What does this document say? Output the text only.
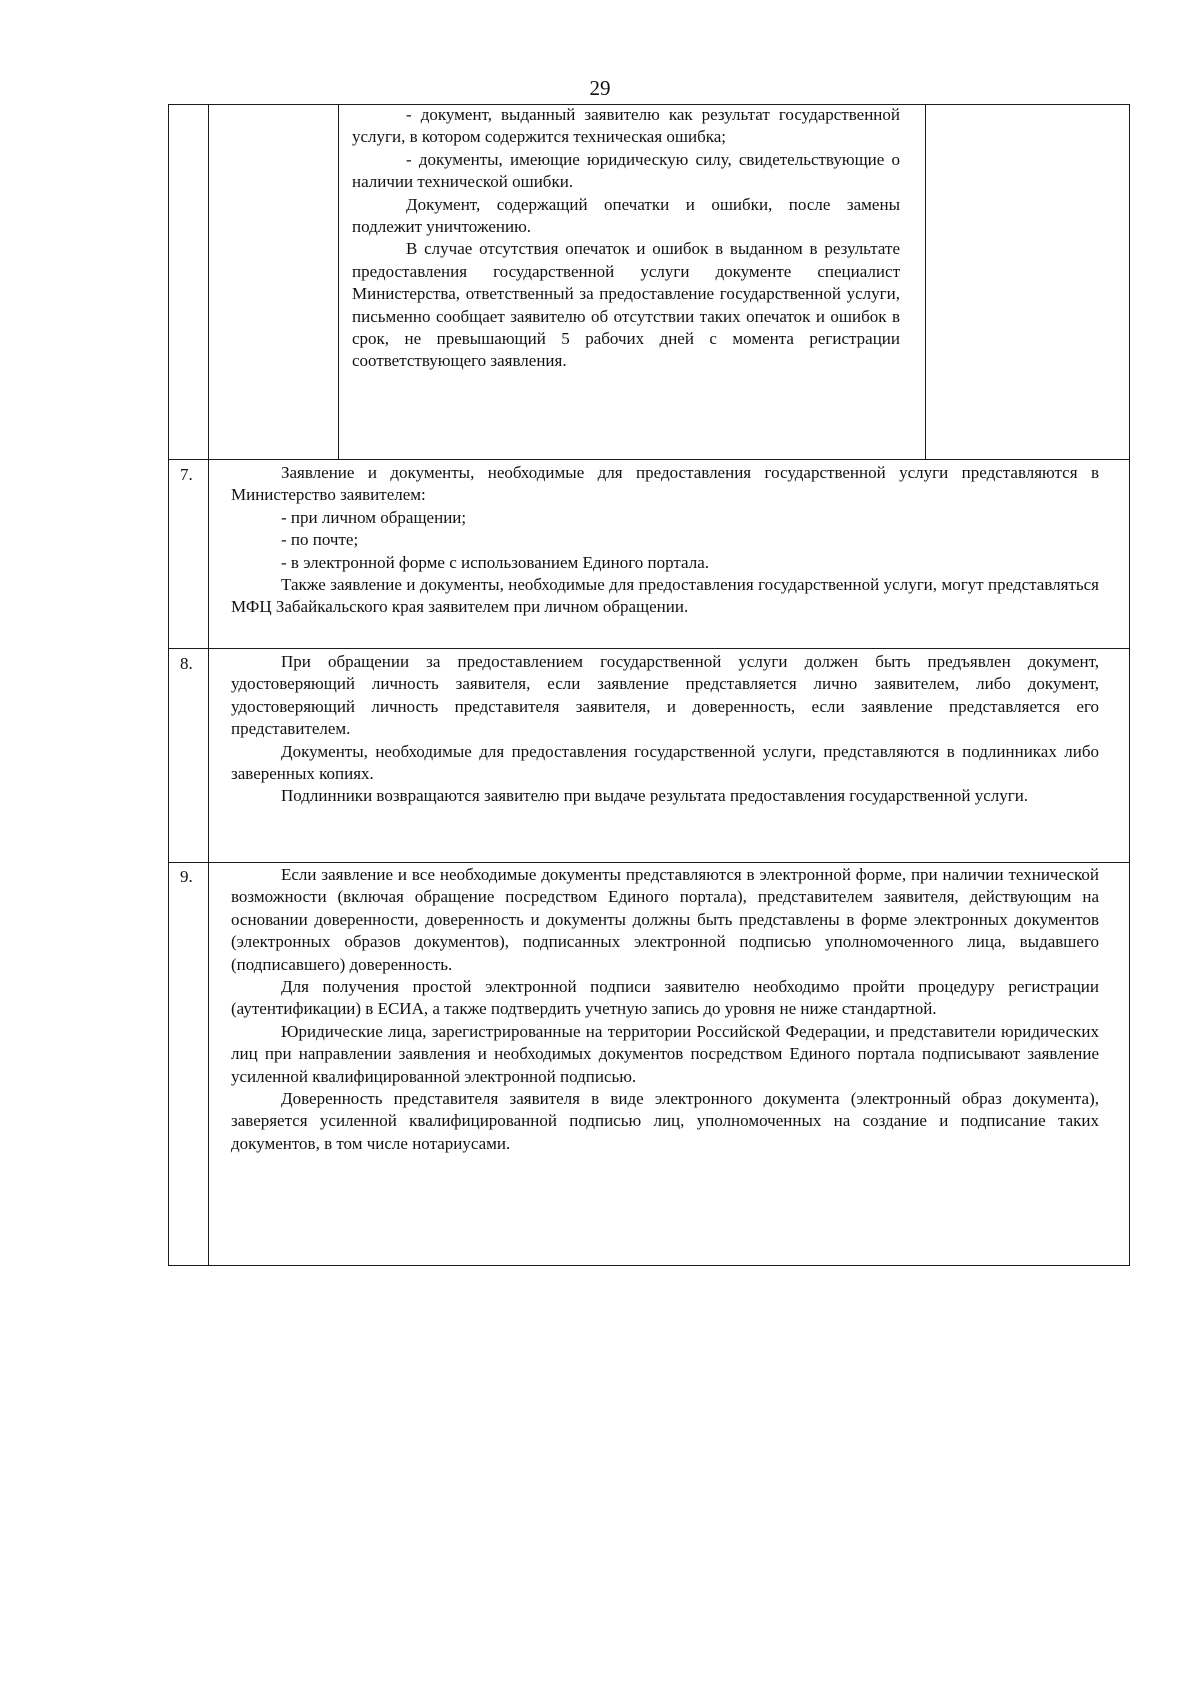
29

- документ, выданный заявителю как результат государственной услуги, в котором содержится техническая ошибка;

- документы, имеющие юридическую силу, свидетельствующие о наличии технической ошибки.

Документ, содержащий опечатки и ошибки, после замены подлежит уничтожению.

В случае отсутствия опечаток и ошибок в выданном в результате предоставления государственной услуги документе специалист Министерства, ответственный за предоставление государственной услуги, письменно сообщает заявителю об отсутствии таких опечаток и ошибок в срок, не превышающий 5 рабочих дней с момента регистрации соответствующего заявления.

7.	Заявление и документы, необходимые для предоставления государственной услуги представляются в Министерство заявителем:

- при личном обращении;

- по почте;

- в электронной форме с использованием Единого портала.

Также заявление и документы, необходимые для предоставления государственной услуги, могут представляться МФЦ Забайкальского края заявителем при личном обращении.

8.	При обращении за предоставлением государственной услуги должен быть предъявлен документ, удостоверяющий личность заявителя, если заявление представляется лично заявителем, либо документ, удостоверяющий личность представителя заявителя, и доверенность, если заявление представляется его представителем.

Документы, необходимые для предоставления государственной услуги, представляются в подлинниках либо заверенных копиях.

Подлинники возвращаются заявителю при выдаче результата предоставления государственной услуги.

9.	Если заявление и все необходимые документы представляются в электронной форме, при наличии технической возможности (включая обращение посредством Единого портала), представителем заявителя, действующим на основании доверенности, доверенность и документы должны быть представлены в форме электронных документов (электронных образов документов), подписанных электронной подписью уполномоченного лица, выдавшего (подписавшего) доверенность.

Для получения простой электронной подписи заявителю необходимо пройти процедуру регистрации (аутентификации) в ЕСИА, а также подтвердить учетную запись до уровня не ниже стандартной.

Юридические лица, зарегистрированные на территории Российской Федерации, и представители юридических лиц при направлении заявления и необходимых документов посредством Единого портала подписывают заявление усиленной квалифицированной электронной подписью.

Доверенность представителя заявителя в виде электронного документа (электронный образ документа), заверяется усиленной квалифицированной подписью лиц, уполномоченных на создание и подписание таких документов, в том числе нотариусами.
